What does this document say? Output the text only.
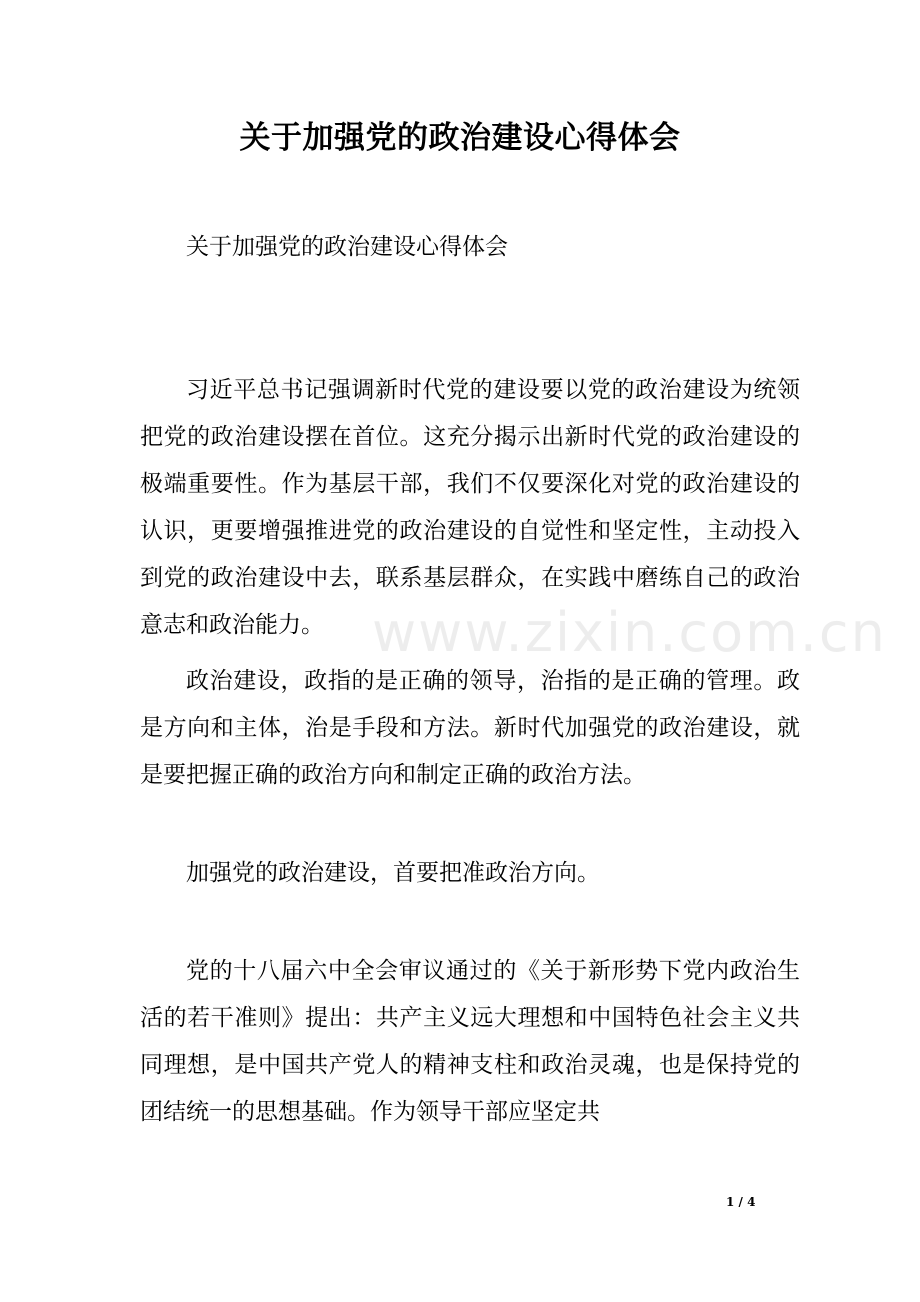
关于加强党的政治建设心得体会
关于加强党的政治建设心得体会
习近平总书记强调新时代党的建设要以党的政治建设为统领把党的政治建设摆在首位。这充分揭示出新时代党的政治建设的极端重要性。作为基层干部，我们不仅要深化对党的政治建设的认识，更要增强推进党的政治建设的自觉性和坚定性，主动投入到党的政治建设中去，联系基层群众，在实践中磨练自己的政治意志和政治能力。
政治建设，政指的是正确的领导，治指的是正确的管理。政是方向和主体，治是手段和方法。新时代加强党的政治建设，就是要把握正确的政治方向和制定正确的政治方法。
加强党的政治建设，首要把准政治方向。
党的十八届六中全会审议通过的《关于新形势下党内政治生活的若干准则》提出：共产主义远大理想和中国特色社会主义共同理想，是中国共产党人的精神支柱和政治灵魂，也是保持党的团结统一的思想基础。作为领导干部应坚定共
www.zixin.com.cn
1 / 4
